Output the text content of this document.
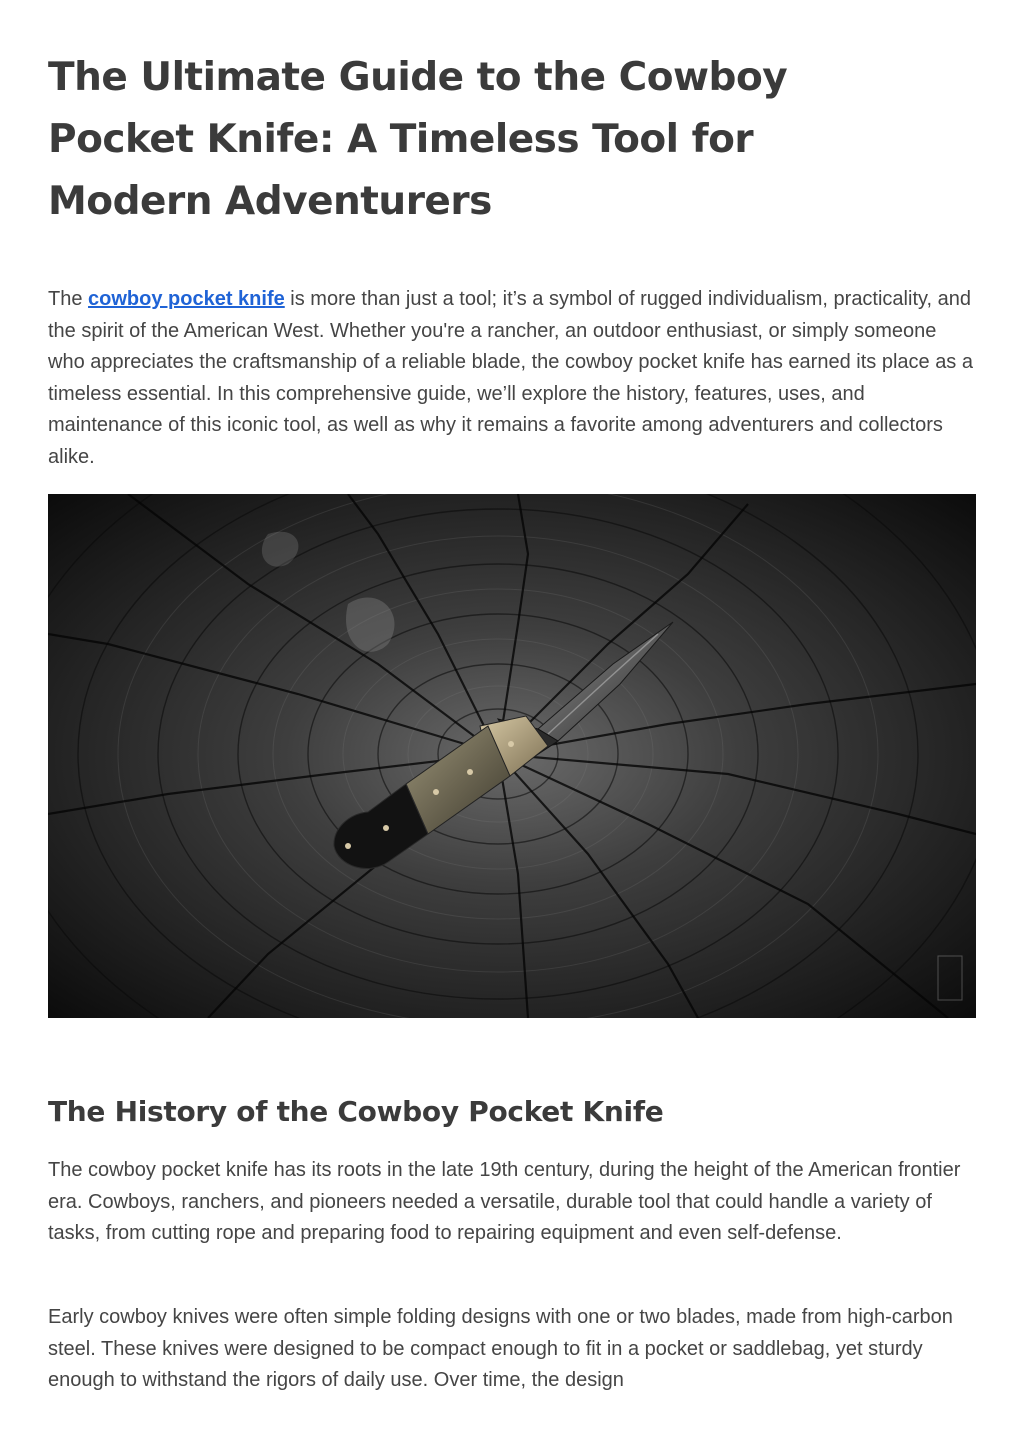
The Ultimate Guide to the Cowboy Pocket Knife: A Timeless Tool for Modern Adventurers

The cowboy pocket knife is more than just a tool; it’s a symbol of rugged individualism, practicality, and the spirit of the American West. Whether you're a rancher, an outdoor enthusiast, or simply someone who appreciates the craftsmanship of a reliable blade, the cowboy pocket knife has earned its place as a timeless essential. In this comprehensive guide, we’ll explore the history, features, uses, and maintenance of this iconic tool, as well as why it remains a favorite among adventurers and collectors alike.

The History of the Cowboy Pocket Knife

The cowboy pocket knife has its roots in the late 19th century, during the height of the American frontier era. Cowboys, ranchers, and pioneers needed a versatile, durable tool that could handle a variety of tasks, from cutting rope and preparing food to repairing equipment and even self-defense.

Early cowboy knives were often simple folding designs with one or two blades, made from high-carbon steel. These knives were designed to be compact enough to fit in a pocket or saddlebag, yet sturdy enough to withstand the rigors of daily use. Over time, the design
